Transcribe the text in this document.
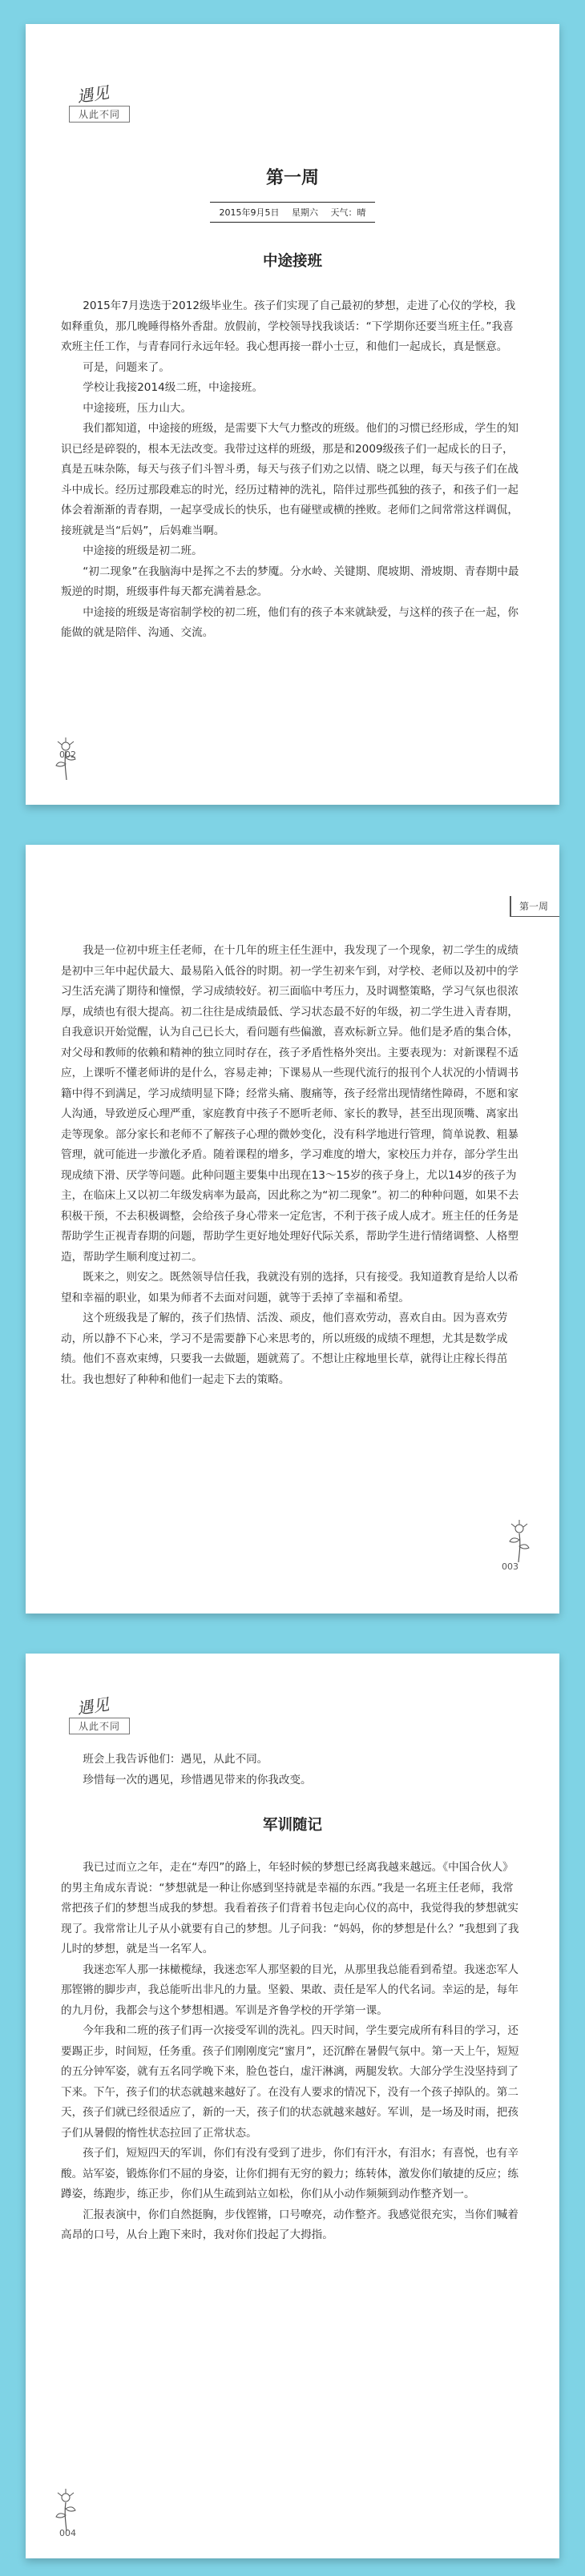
遇见
从此不同
第一周
2015年9月5日 星期六 天气：晴
中途接班

2015年7月迭迭于2012级毕业生。孩子们实现了自己最初的梦想，走进了心仪的学校，我如释重负，那几晚睡得格外香甜。放假前，学校领导找我谈话：“下学期你还要当班主任。”我喜欢班主任工作，与青春同行永远年轻。我心想再接一群小士豆，和他们一起成长，真是惬意。

可是，问题来了。

学校让我接2014级二班，中途接班。

中途接班，压力山大。

我们都知道，中途接的班级，是需要下大气力整改的班级。他们的习惯已经形成，学生的知识已经是碎裂的，根本无法改变。我带过这样的班级，那是和2009级孩子们一起成长的日子，真是五味杂陈，每天与孩子们斗智斗勇，每天与孩子们劝之以情、晓之以理，每天与孩子们在战斗中成长。经历过那段难忘的时光，经历过精神的洗礼，陪伴过那些孤独的孩子，和孩子们一起体会着渐渐的青春期，一起享受成长的快乐，也有碰壁或横的挫败。老师们之间常常这样调侃，接班就是当“后妈”，后妈难当啊。

中途接的班级是初二班。

“初二现象”在我脑海中是挥之不去的梦魇。分水岭、关键期、爬坡期、滑坡期、青春期中最叛逆的时期，班级事件每天都充满着悬念。

中途接的班级是寄宿制学校的初二班，他们有的孩子本来就缺爱，与这样的孩子在一起，你能做的就是陪伴、沟通、交流。

002
第一周

我是一位初中班主任老师，在十几年的班主任生涯中，我发现了一个现象，初二学生的成绩是初中三年中起伏最大、最易陷入低谷的时期。初一学生初来乍到，对学校、老师以及初中的学习生活充满了期待和憧憬，学习成绩较好。初三面临中考压力，及时调整策略，学习气氛也很浓厚，成绩也有很大提高。初二往往是成绩最低、学习状态最不好的年级，初二学生进入青春期，自我意识开始觉醒，认为自己已长大，看问题有些偏激，喜欢标新立异。他们是矛盾的集合体，对父母和教师的依赖和精神的独立同时存在，孩子矛盾性格外突出。主要表现为：对新课程不适应，上课听不懂老师讲的是什么，容易走神；下课易从一些现代流行的报刊个人状况的小情调书籍中得不到满足，学习成绩明显下降；经常头痛、腹痛等，孩子经常出现情绪性障碍，不愿和家人沟通，导致逆反心理严重，家庭教育中孩子不愿听老师、家长的教导，甚至出现顶嘴、离家出走等现象。部分家长和老师不了解孩子心理的微妙变化，没有科学地进行管理，简单说教、粗暴管理，就可能进一步激化矛盾。随着课程的增多，学习难度的增大，家校压力并存，部分学生出现成绩下滑、厌学等问题。此种问题主要集中出现在13～15岁的孩子身上，尤以14岁的孩子为主，在临床上又以初二年级发病率为最高，因此称之为“初二现象”。初二的种种问题，如果不去积极干预，不去积极调整，会给孩子身心带来一定危害，不利于孩子成人成才。班主任的任务是帮助学生正视青春期的问题，帮助学生更好地处理好代际关系，帮助学生进行情绪调整、人格塑造，帮助学生顺利度过初二。

既来之，则安之。既然领导信任我，我就没有别的选择，只有接受。我知道教育是给人以希望和幸福的职业，如果为师者不去面对问题，就等于丢掉了幸福和希望。

这个班级我是了解的，孩子们热情、活泼、顽皮，他们喜欢劳动，喜欢自由。因为喜欢劳动，所以静不下心来，学习不是需要静下心来思考的，所以班级的成绩不理想，尤其是数学成绩。他们不喜欢束缚，只要我一去做题，题就蔫了。不想让庄稼地里长草，就得让庄稼长得茁壮。我也想好了种种和他们一起走下去的策略。

003
遇见
从此不同

班会上我告诉他们：遇见，从此不同。

珍惜每一次的遇见，珍惜遇见带来的你我改变。

军训随记

我已过而立之年，走在“寿四”的路上，年轻时候的梦想已经离我越来越远。《中国合伙人》的男主角成东青说：“梦想就是一种让你感到坚持就是幸福的东西。”我是一名班主任老师，我常常把孩子们的梦想当成我的梦想。我看着孩子们背着书包走向心仪的高中，我觉得我的梦想就实现了。我常常让儿子从小就要有自己的梦想。儿子问我：“妈妈，你的梦想是什么？”我想到了我儿时的梦想，就是当一名军人。

我迷恋军人那一抹橄榄绿，我迷恋军人那坚毅的目光，从那里我总能看到希望。我迷恋军人那铿锵的脚步声，我总能听出非凡的力量。坚毅、果敢、责任是军人的代名词。幸运的是，每年的九月份，我都会与这个梦想相遇。军训是齐鲁学校的开学第一课。

今年我和二班的孩子们再一次接受军训的洗礼。四天时间，学生要完成所有科目的学习，还要踢正步，时间短，任务重。孩子们刚刚度完“蜜月”，还沉醉在暑假气氛中。第一天上午，短短的五分钟军姿，就有五名同学晚下来，脸色苍白，虚汗淋漓，两腿发软。大部分学生没坚持到了下来。下午，孩子们的状态就越来越好了。在没有人要求的情况下，没有一个孩子掉队的。第二天，孩子们就已经很适应了，新的一天，孩子们的状态就越来越好。军训，是一场及时雨，把孩子们从暑假的惰性状态拉回了正常状态。

孩子们，短短四天的军训，你们有没有受到了进步，你们有汗水，有泪水；有喜悦，也有辛酸。站军姿，锻炼你们不屈的身姿，让你们拥有无穷的毅力；练转体，激发你们敏捷的反应；练蹲姿，练跑步，练正步，你们从生疏到站立如松，你们从小动作频频到动作整齐划一。

汇报表演中，你们自然挺胸，步伐铿锵，口号嘹亮，动作整齐。我感觉很充实，当你们喊着高昂的口号，从台上跑下来时，我对你们投起了大拇指。

004
